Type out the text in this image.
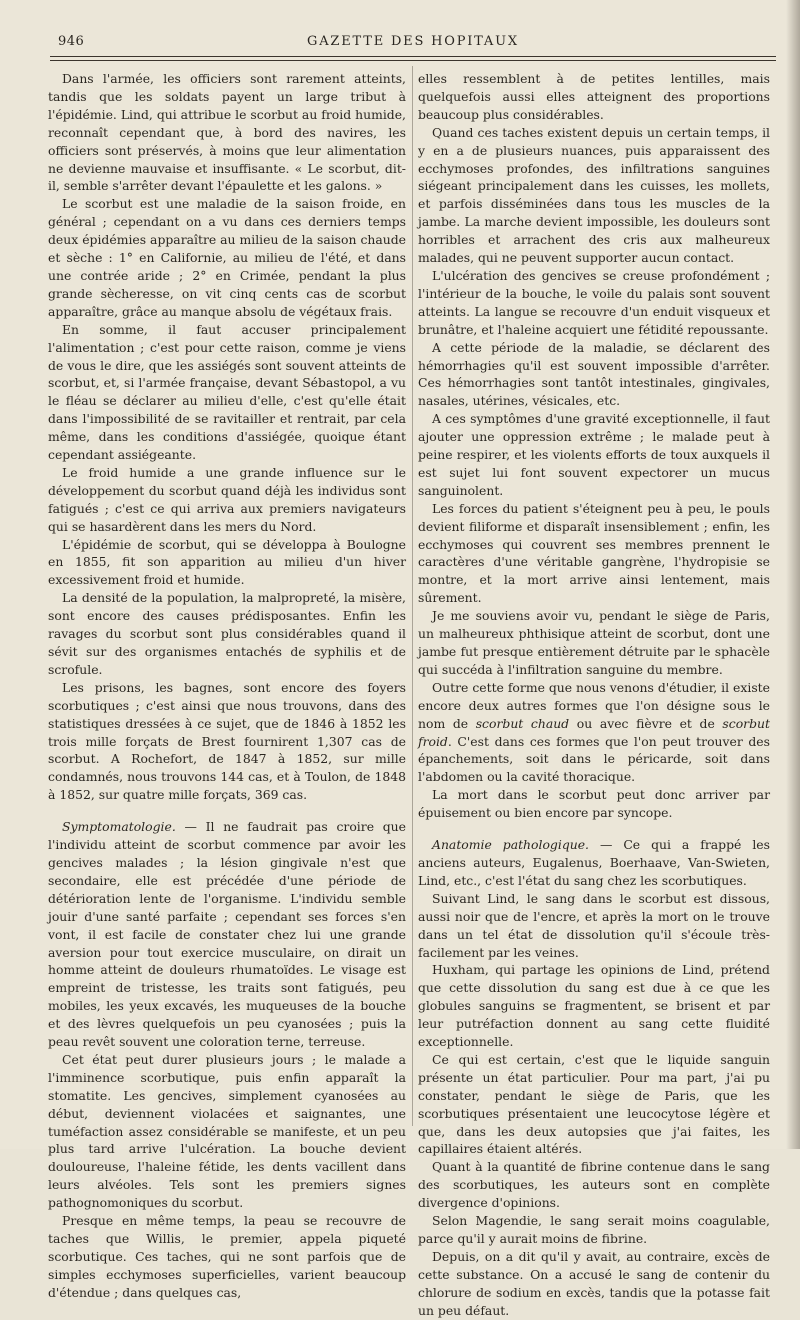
946	GAZETTE DES HOPITAUX

Dans l'armée, les officiers sont rarement atteints, tandis que les soldats payent un large tribut à l'épidémie. Lind, qui attribue le scorbut au froid humide, reconnaît cependant que, à bord des navires, les officiers sont préservés, à moins que leur alimentation ne devienne mauvaise et insuffisante. « Le scorbut, dit-il, semble s'arrêter devant l'épaulette et les galons. »

Le scorbut est une maladie de la saison froide, en général ; cependant on a vu dans ces derniers temps deux épidémies apparaître au milieu de la saison chaude et sèche : 1° en Californie, au milieu de l'été, et dans une contrée aride ; 2° en Crimée, pendant la plus grande sècheresse, on vit cinq cents cas de scorbut apparaître, grâce au manque absolu de végétaux frais.

En somme, il faut accuser principalement l'alimentation ; c'est pour cette raison, comme je viens de vous le dire, que les assiégés sont souvent atteints de scorbut, et, si l'armée française, devant Sébastopol, a vu le fléau se déclarer au milieu d'elle, c'est qu'elle était dans l'impossibilité de se ravitailler et rentrait, par cela même, dans les conditions d'assiégée, quoique étant cependant assiégeante.

Le froid humide a une grande influence sur le développement du scorbut quand déjà les individus sont fatigués ; c'est ce qui arriva aux premiers navigateurs qui se hasardèrent dans les mers du Nord.

L'épidémie de scorbut, qui se développa à Boulogne en 1855, fit son apparition au milieu d'un hiver excessivement froid et humide.

La densité de la population, la malpropreté, la misère, sont encore des causes prédisposantes. Enfin les ravages du scorbut sont plus considérables quand il sévit sur des organismes entachés de syphilis et de scrofule.

Les prisons, les bagnes, sont encore des foyers scorbutiques ; c'est ainsi que nous trouvons, dans des statistiques dressées à ce sujet, que de 1846 à 1852 les trois mille forçats de Brest fournirent 1,307 cas de scorbut. A Rochefort, de 1847 à 1852, sur mille condamnés, nous trouvons 144 cas, et à Toulon, de 1848 à 1852, sur quatre mille forçats, 369 cas.

Symptomatologie. — Il ne faudrait pas croire que l'individu atteint de scorbut commence par avoir les gencives malades ; la lésion gingivale n'est que secondaire, elle est précédée d'une période de détérioration lente de l'organisme. L'individu semble jouir d'une santé parfaite ; cependant ses forces s'en vont, il est facile de constater chez lui une grande aversion pour tout exercice musculaire, on dirait un homme atteint de douleurs rhumatoïdes. Le visage est empreint de tristesse, les traits sont fatigués, peu mobiles, les yeux excavés, les muqueuses de la bouche et des lèvres quelquefois un peu cyanosées ; puis la peau revêt souvent une coloration terne, terreuse.

Cet état peut durer plusieurs jours ; le malade a l'imminence scorbutique, puis enfin apparaît la stomatite. Les gencives, simplement cyanosées au début, deviennent violacées et saignantes, une tuméfaction assez considérable se manifeste, et un peu plus tard arrive l'ulcération. La bouche devient douloureuse, l'haleine fétide, les dents vacillent dans leurs alvéoles. Tels sont les premiers signes pathognomoniques du scorbut.

Presque en même temps, la peau se recouvre de taches que Willis, le premier, appela piqueté scorbutique. Ces taches, qui ne sont parfois que de simples ecchymoses superficielles, varient beaucoup d'étendue ; dans quelques cas,

elles ressemblent à de petites lentilles, mais quelquefois aussi elles atteignent des proportions beaucoup plus considérables.

Quand ces taches existent depuis un certain temps, il y en a de plusieurs nuances, puis apparaissent des ecchymoses profondes, des infiltrations sanguines siégeant principalement dans les cuisses, les mollets, et parfois disséminées dans tous les muscles de la jambe. La marche devient impossible, les douleurs sont horribles et arrachent des cris aux malheureux malades, qui ne peuvent supporter aucun contact.

L'ulcération des gencives se creuse profondément ; l'intérieur de la bouche, le voile du palais sont souvent atteints. La langue se recouvre d'un enduit visqueux et brunâtre, et l'haleine acquiert une fétidité repoussante.

A cette période de la maladie, se déclarent des hémorrhagies qu'il est souvent impossible d'arrêter. Ces hémorrhagies sont tantôt intestinales, gingivales, nasales, utérines, vésicales, etc.

A ces symptômes d'une gravité exceptionnelle, il faut ajouter une oppression extrême ; le malade peut à peine respirer, et les violents efforts de toux auxquels il est sujet lui font souvent expectorer un mucus sanguinolent.

Les forces du patient s'éteignent peu à peu, le pouls devient filiforme et disparaît insensiblement ; enfin, les ecchymoses qui couvrent ses membres prennent le caractères d'une véritable gangrène, l'hydropisie se montre, et la mort arrive ainsi lentement, mais sûrement.

Je me souviens avoir vu, pendant le siège de Paris, un malheureux phthisique atteint de scorbut, dont une jambe fut presque entièrement détruite par le sphacèle qui succéda à l'infiltration sanguine du membre.

Outre cette forme que nous venons d'étudier, il existe encore deux autres formes que l'on désigne sous le nom de scorbut chaud ou avec fièvre et de scorbut froid. C'est dans ces formes que l'on peut trouver des épanchements, soit dans le péricarde, soit dans l'abdomen ou la cavité thoracique.

La mort dans le scorbut peut donc arriver par épuisement ou bien encore par syncope.

Anatomie pathologique. — Ce qui a frappé les anciens auteurs, Eugalenus, Boerhaave, Van-Swieten, Lind, etc., c'est l'état du sang chez les scorbutiques.

Suivant Lind, le sang dans le scorbut est dissous, aussi noir que de l'encre, et après la mort on le trouve dans un tel état de dissolution qu'il s'écoule très-facilement par les veines.

Huxham, qui partage les opinions de Lind, prétend que cette dissolution du sang est due à ce que les globules sanguins se fragmentent, se brisent et par leur putréfaction donnent au sang cette fluidité exceptionnelle.

Ce qui est certain, c'est que le liquide sanguin présente un état particulier. Pour ma part, j'ai pu constater, pendant le siège de Paris, que les scorbutiques présentaient une leucocytose légère et que, dans les deux autopsies que j'ai faites, les capillaires étaient altérés.

Quant à la quantité de fibrine contenue dans le sang des scorbutiques, les auteurs sont en complète divergence d'opinions.

Selon Magendie, le sang serait moins coagulable, parce qu'il y aurait moins de fibrine.

Depuis, on a dit qu'il y avait, au contraire, excès de cette substance. On a accusé le sang de contenir du chlorure de sodium en excès, tandis que la potasse fait un peu défaut.
